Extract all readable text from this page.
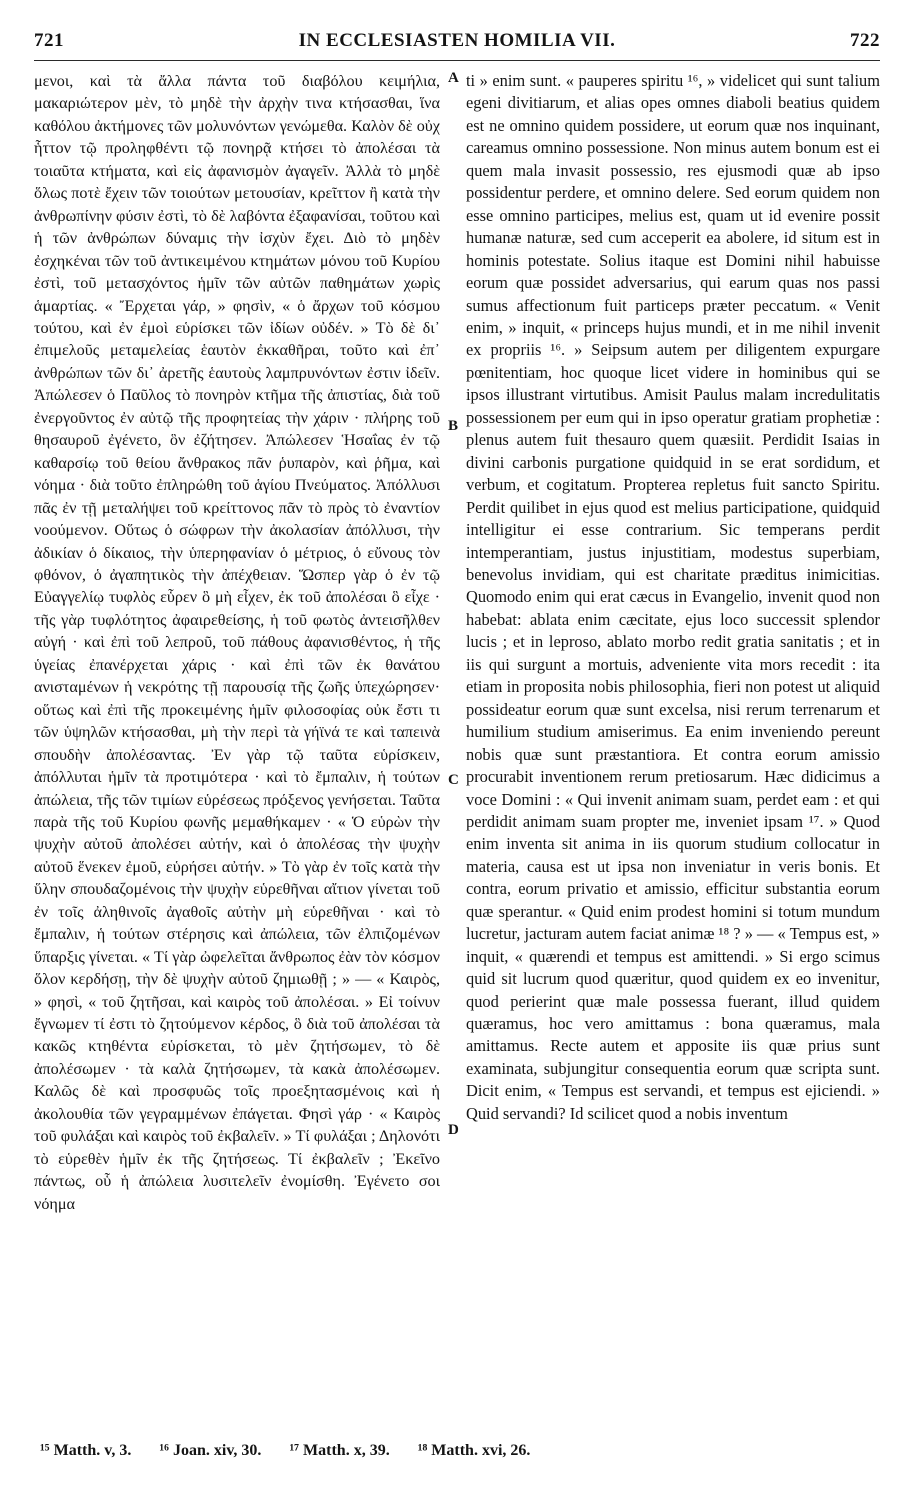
721	IN ECCLESIASTEN HOMILIA VII.	722

μενοι, καὶ τὰ ἄλλα πάντα τοῦ διαβόλου κειμήλια, μακαριώτερον μὲν, τὸ μηδὲ τὴν ἀρχὴν τινα κτήσασθαι, ἵνα καθόλου ἀκτήμονες τῶν μολυνόντων γενώμεθα. Καλὸν δὲ οὐχ ἧττον τῷ προληφθέντι τῷ πονηρᾷ κτήσει τὸ ἀπολέσαι τὰ τοιαῦτα κτήματα, καὶ εἰς ἀφανισμὸν ἀγαγεῖν. Ἀλλὰ τὸ μηδὲ ὅλως ποτὲ ἔχειν τῶν τοιούτων μετουσίαν, κρεῖττον ἢ κατὰ τὴν ἀνθρωπίνην φύσιν ἐστὶ, τὸ δὲ λαβόντα ἐξαφανίσαι, τοῦτου καὶ ἡ τῶν ἀνθρώπων δύναμις τὴν ἰσχὺν ἔχει. Διὸ τὸ μηδὲν ἐσχηκέναι τῶν τοῦ ἀντικειμένου κτημάτων μόνου τοῦ Κυρίου ἐστὶ, τοῦ μετασχόντος ἡμῖν τῶν αὐτῶν παθημάτων χωρὶς ἁμαρτίας. « Ἔρχεται γάρ, » φησὶν, « ὁ ἄρχων τοῦ κόσμου τούτου, καὶ ἐν ἐμοὶ εὑρίσκει τῶν ἰδίων οὐδέν. » Τὸ δὲ δι᾽ ἐπιμελοῦς μεταμελείας ἑαυτὸν ἐκκαθῆραι, τοῦτο καὶ ἐπ᾽ ἀνθρώπων τῶν δι᾽ ἀρετῆς ἑαυτοὺς λαμπρυνόντων ἐστιν ἰδεῖν. Ἀπώλεσεν ὁ Παῦλος τὸ πονηρὸν κτῆμα τῆς ἀπιστίας, διὰ τοῦ ἐνεργοῦντος ἐν αὐτῷ τῆς προφητείας τὴν χάριν · πλήρης τοῦ θησαυροῦ ἐγένετο, ὃν ἐζήτησεν. Ἀπώλεσεν Ἡσαΐας ἐν τῷ καθαρσίῳ τοῦ θείου ἄνθρακος πᾶν ῥυπαρὸν, καὶ ῥῆμα, καὶ νόημα · διὰ τοῦτο ἐπληρώθη τοῦ ἁγίου Πνεύματος. Ἀπόλλυσι πᾶς ἐν τῇ μεταλήψει τοῦ κρείττονος πᾶν τὸ πρὸς τὸ ἐναντίον νοούμενον. Οὕτως ὁ σώφρων τὴν ἀκολασίαν ἀπόλλυσι, τὴν ἀδικίαν ὁ δίκαιος, τὴν ὑπερηφανίαν ὁ μέτριος, ὁ εὔνους τὸν φθόνον, ὁ ἀγαπητικὸς τὴν ἀπέχθειαν. Ὥσπερ γὰρ ὁ ἐν τῷ Εὐαγγελίῳ τυφλὸς εὗρεν ὃ μὴ εἶχεν, ἐκ τοῦ ἀπολέσαι ὃ εἶχε · τῆς γὰρ τυφλότητος ἀφαιρεθείσης, ἡ τοῦ φωτὸς ἀντεισῆλθεν αὐγή · καὶ ἐπὶ τοῦ λεπροῦ, τοῦ πάθους ἀφανισθέντος, ἡ τῆς ὑγείας ἐπανέρχεται χάρις · καὶ ἐπὶ τῶν ἐκ θανάτου ανισταμένων ἡ νεκρότης τῇ παρουσίᾳ τῆς ζωῆς ὑπεχώρησεν· οὕτως καὶ ἐπὶ τῆς προκειμένης ἡμῖν φιλοσοφίας οὐκ ἔστι τι τῶν ὑψηλῶν κτήσασθαι, μὴ τὴν περὶ τὰ γήϊνά τε καὶ ταπεινὰ σπουδὴν ἀπολέσαντας. Ἐν γὰρ τῷ ταῦτα εὑρίσκειν, ἀπόλλυται ἡμῖν τὰ προτιμότερα · καὶ τὸ ἔμπαλιν, ἡ τούτων ἀπώλεια, τῆς τῶν τιμίων εὑρέσεως πρόξενος γενήσεται. Ταῦτα παρὰ τῆς τοῦ Κυρίου φωνῆς μεμαθήκαμεν · « Ὁ εὑρὼν τὴν ψυχὴν αὐτοῦ ἀπολέσει αὐτήν, καὶ ὁ ἀπολέσας τὴν ψυχὴν αὐτοῦ ἕνεκεν ἐμοῦ, εὑρήσει αὐτήν. » Τὸ γὰρ ἐν τοῖς κατὰ τὴν ὕλην σπουδαζομένοις τὴν ψυχὴν εὑρεθῆναι αἴτιον γίνεται τοῦ ἐν τοῖς ἀληθινοῖς ἀγαθοῖς αὐτὴν μὴ εὑρεθῆναι · καὶ τὸ ἔμπαλιν, ἡ τούτων στέρησις καὶ ἀπώλεια, τῶν ἐλπιζομένων ὕπαρξις γίνεται. « Τί γὰρ ὠφελεῖται ἄνθρωπος ἐὰν τὸν κόσμον ὅλον κερδήσῃ, τὴν δὲ ψυχὴν αὐτοῦ ζημιωθῇ ; » — « Καιρὸς, » φησὶ, « τοῦ ζητῆσαι, καὶ καιρὸς τοῦ ἀπολέσαι. » Εἰ τοίνυν ἔγνωμεν τί ἐστι τὸ ζητούμενον κέρδος, ὃ διὰ τοῦ ἀπολέσαι τὰ κακῶς κτηθέντα εὑρίσκεται, τὸ μὲν ζητήσωμεν, τὸ δὲ ἀπολέσωμεν · τὰ καλὰ ζητήσωμεν, τὰ κακὰ ἀπολέσωμεν. Καλῶς δὲ καὶ προσφυῶς τοῖς προεξητασμένοις καὶ ἡ ἀκολουθία τῶν γεγραμμένων ἐπάγεται. Φησὶ γάρ · « Καιρὸς τοῦ φυλάξαι καὶ καιρὸς τοῦ ἐκβαλεῖν. » Τί φυλάξαι ; Δηλονότι τὸ εὑρεθὲν ἡμῖν ἐκ τῆς ζητήσεως. Τί ἐκβαλεῖν ; Ἐκεῖνο πάντως, οὗ ἡ ἀπώλεια λυσιτελεῖν ἐνομίσθη. Ἐγένετο σοι νόημα

A
B
C
D

ti » enim sunt. « pauperes spiritu ¹⁶, » videlicet qui sunt talium egeni divitiarum, et alias opes omnes diaboli beatius quidem est ne omnino quidem possidere, ut eorum quæ nos inquinant, careamus omnino possessione. Non minus autem bonum est ei quem mala invasit possessio, res ejusmodi quæ ab ipso possidentur perdere, et omnino delere. Sed eorum quidem non esse omnino participes, melius est, quam ut id evenire possit humanæ naturæ, sed cum acceperit ea abolere, id situm est in hominis potestate. Solius itaque est Domini nihil habuisse eorum quæ possidet adversarius, qui earum quas nos passi sumus affectionum fuit particeps præter peccatum. « Venit enim, » inquit, « princeps hujus mundi, et in me nihil invenit ex propriis ¹⁶. » Seipsum autem per diligentem expurgare pœnitentiam, hoc quoque licet videre in hominibus qui se ipsos illustrant virtutibus. Amisit Paulus malam incredulitatis possessionem per eum qui in ipso operatur gratiam prophetiæ : plenus autem fuit thesauro quem quæsiit. Perdidit Isaias in divini carbonis purgatione quidquid in se erat sordidum, et verbum, et cogitatum. Propterea repletus fuit sancto Spiritu. Perdit quilibet in ejus quod est melius participatione, quidquid intelligitur ei esse contrarium. Sic temperans perdit intemperantiam, justus injustitiam, modestus superbiam, benevolus invidiam, qui est charitate præditus inimicitias. Quomodo enim qui erat cæcus in Evangelio, invenit quod non habebat: ablata enim cæcitate, ejus loco successit splendor lucis ; et in leproso, ablato morbo redit gratia sanitatis ; et in iis qui surgunt a mortuis, adveniente vita mors recedit : ita etiam in proposita nobis philosophia, fieri non potest ut aliquid possideatur eorum quæ sunt excelsa, nisi rerum terrenarum et humilium studium amiserimus. Ea enim inveniendo pereunt nobis quæ sunt præstantiora. Et contra eorum amissio procurabit inventionem rerum pretiosarum. Hæc didicimus a voce Domini : « Qui invenit animam suam, perdet eam : et qui perdidit animam suam propter me, inveniet ipsam ¹⁷. » Quod enim inventa sit anima in iis quorum studium collocatur in materia, causa est ut ipsa non inveniatur in veris bonis. Et contra, eorum privatio et amissio, efficitur substantia eorum quæ sperantur. « Quid enim prodest homini si totum mundum lucretur, jacturam autem faciat animæ ¹⁸ ? » — « Tempus est, » inquit, « quærendi et tempus est amittendi. » Si ergo scimus quid sit lucrum quod quæritur, quod quidem ex eo invenitur, quod perierint quæ male possessa fuerant, illud quidem quæramus, hoc vero amittamus : bona quæramus, mala amittamus. Recte autem et apposite iis quæ prius sunt examinata, subjungitur consequentia eorum quæ scripta sunt. Dicit enim, « Tempus est servandi, et tempus est ejiciendi. » Quid servandi? Id scilicet quod a nobis inventum

¹⁵ Matth. v, 3. ¹⁶ Joan. xiv, 30. ¹⁷ Matth. x, 39. ¹⁸ Matth. xvi, 26.
